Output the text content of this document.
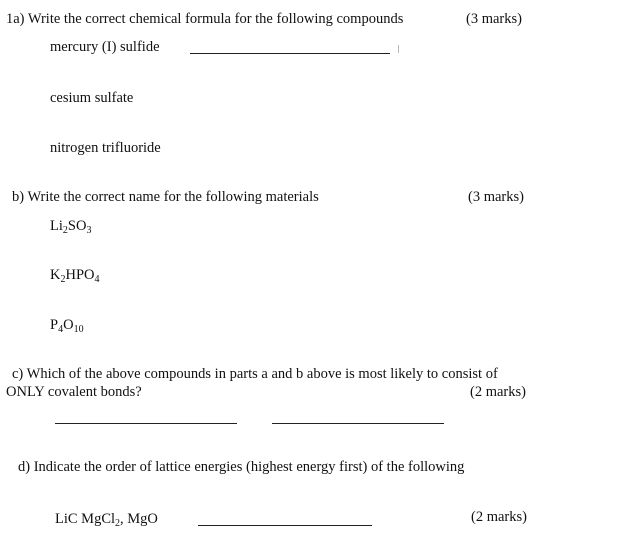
1a) Write the correct chemical formula for the following compounds	(3 marks)
mercury (I) sulfide
cesium sulfate
nitrogen trifluoride
b) Write the correct name for the following materials	(3 marks)
$Li_2SO_3$
$K_2HPO_4$
$P_4O_{10}$
c) Which of the above compounds in parts a and b above is most likely to consist of
ONLY covalent bonds?	(2 marks)
d) Indicate the order of lattice energies (highest energy first) of the following
LiC MgCl$_2$, MgO	(2 marks)
